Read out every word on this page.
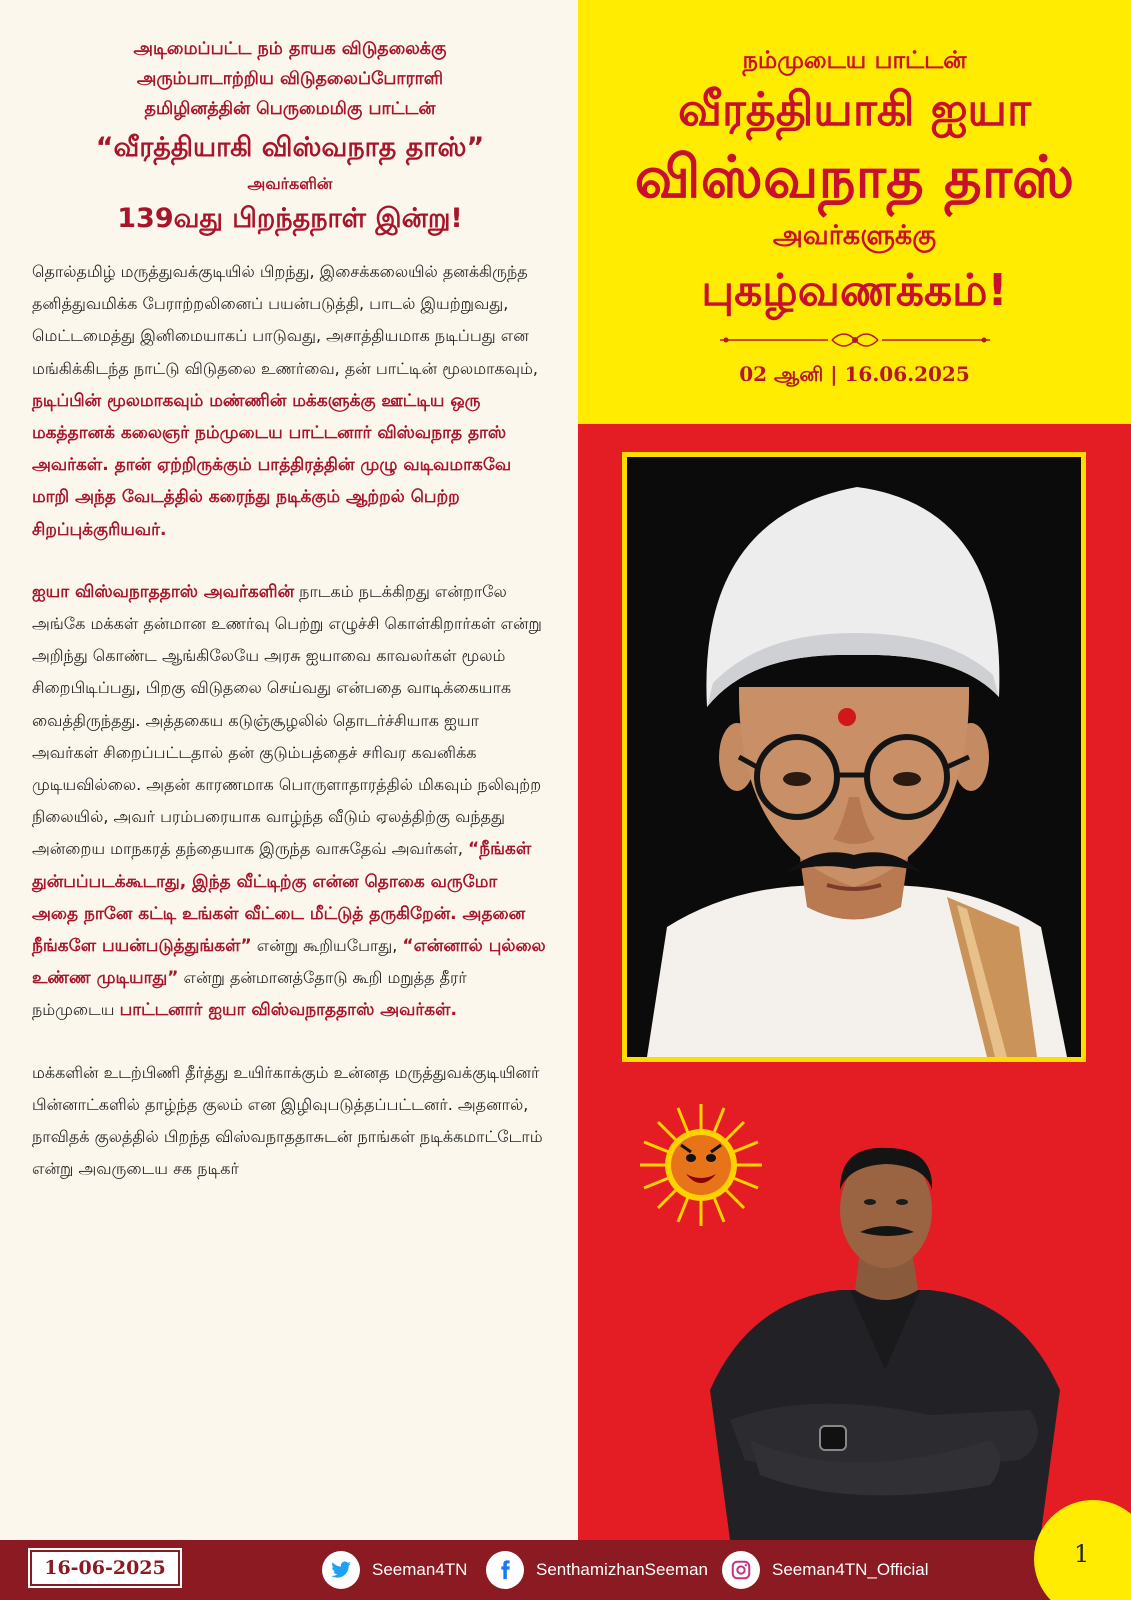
அடிமைப்பட்ட நம் தாயக விடுதலைக்கு
அரும்பாடாற்றிய விடுதலைப்போராளி
தமிழினத்தின் பெருமைமிகு பாட்டன்
“வீரத்தியாகி விஸ்வநாத தாஸ்”
அவர்களின்
139வது பிறந்தநாள் இன்று!

தொல்தமிழ் மருத்துவக்குடியில் பிறந்து, இசைக்கலையில் தனக்கிருந்த தனித்துவமிக்க பேராற்றலினைப் பயன்படுத்தி, பாடல் இயற்றுவது, மெட்டமைத்து இனிமையாகப் பாடுவது, அசாத்தியமாக நடிப்பது என மங்கிக்கிடந்த நாட்டு விடுதலை உணர்வை, தன் பாட்டின் மூலமாகவும், நடிப்பின் மூலமாகவும் மண்ணின் மக்களுக்கு ஊட்டிய ஒரு மகத்தானக் கலைஞர் நம்முடைய பாட்டனார் விஸ்வநாத தாஸ் அவர்கள். தான் ஏற்றிருக்கும் பாத்திரத்தின் முழு வடிவமாகவே மாறி அந்த வேடத்தில் கரைந்து நடிக்கும் ஆற்றல் பெற்ற சிறப்புக்குரியவர்.

ஐயா விஸ்வநாததாஸ் அவர்களின் நாடகம் நடக்கிறது என்றாலே அங்கே மக்கள் தன்மான உணர்வு பெற்று எழுச்சி கொள்கிறார்கள் என்று அறிந்து கொண்ட ஆங்கிலேயே அரசு ஐயாவை காவலர்கள் மூலம் சிறைபிடிப்பது, பிறகு விடுதலை செய்வது என்பதை வாடிக்கையாக வைத்திருந்தது. அத்தகைய கடுஞ்சூழலில் தொடர்ச்சியாக ஐயா அவர்கள் சிறைப்பட்டதால் தன் குடும்பத்தைச் சரிவர கவனிக்க முடியவில்லை. அதன் காரணமாக பொருளாதாரத்தில் மிகவும் நலிவுற்ற நிலையில், அவர் பரம்பரையாக வாழ்ந்த வீடும் ஏலத்திற்கு வந்தது அன்றைய மாநகரத் தந்தையாக இருந்த வாசுதேவ் அவர்கள், “நீங்கள் துன்பப்படக்கூடாது, இந்த வீட்டிற்கு என்ன தொகை வருமோ அதை நானே கட்டி உங்கள் வீட்டை மீட்டுத் தருகிறேன். அதனை நீங்களே பயன்படுத்துங்கள்” என்று கூறியபோது, “என்னால் புல்லை உண்ண முடியாது” என்று தன்மானத்தோடு கூறி மறுத்த தீரர் நம்முடைய பாட்டனார் ஐயா விஸ்வநாததாஸ் அவர்கள்.

மக்களின் உடற்பிணி தீர்த்து உயிர்காக்கும் உன்னத மருத்துவக்குடியினர் பின்னாட்களில் தாழ்ந்த குலம் என இழிவுபடுத்தப்பட்டனர். அதனால், நாவிதக் குலத்தில் பிறந்த விஸ்வநாததாசுடன் நாங்கள் நடிக்கமாட்டோம் என்று அவருடைய சக நடிகர்

நம்முடைய பாட்டன்
வீரத்தியாகி ஐயா
விஸ்வநாத தாஸ்
அவர்களுக்கு
புகழ்வணக்கம்!
02 ஆனி | 16.06.2025
16-06-2025	Seeman4TN	SenthamizhanSeeman	Seeman4TN_Official
1
